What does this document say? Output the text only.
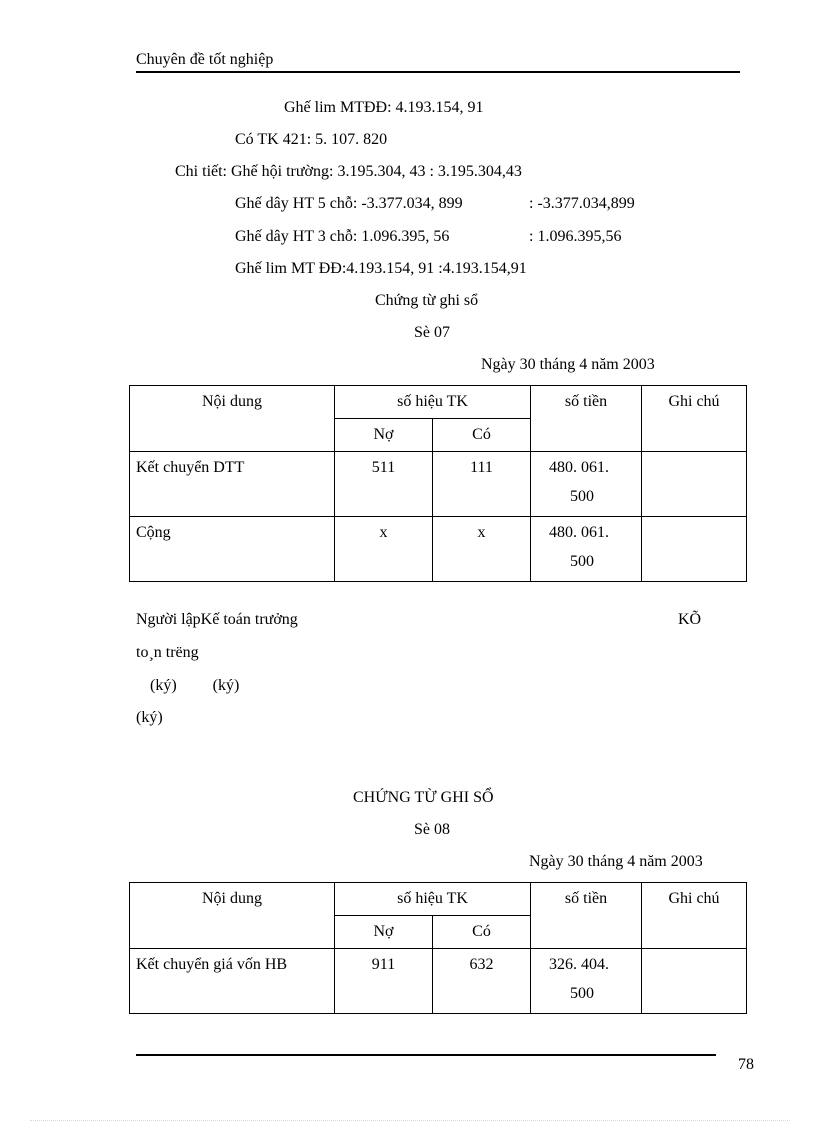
Chuyên đề tốt nghiệp
Ghế lim MTĐĐ: 4.193.154, 91
Có TK 421: 5. 107. 820
Chi tiết: Ghế hội trường: 3.195.304, 43 : 3.195.304,43
Ghế dây HT 5 chỗ: -3.377.034, 899	: -3.377.034,899
Ghế dây HT 3 chỗ: 1.096.395, 56	: 1.096.395,56
Ghế lim MT ĐĐ:4.193.154, 91 :4.193.154,91
Chứng từ ghi sổ
Sè 07
Ngày 30 tháng 4 năm 2003
Nội dung	số hiệu TK		số tiền	Ghi chú
	Nợ	Có		
Kết chuyển DTT	511	111	480. 061.
500	

Cộng	x	x	480. 061.
500	

Người lậpKế toán trưởng	KÕ
to¸n trëng
(ký)         (ký)
(ký)
CHỨNG TỪ GHI SỔ
Sè 08
Ngày 30 tháng 4 năm 2003
Nội dung	số hiệu TK		số tiền	Ghi chú
	Nợ	Có		
Kết chuyển giá vốn HB	911	632	326. 404.
500	

78
